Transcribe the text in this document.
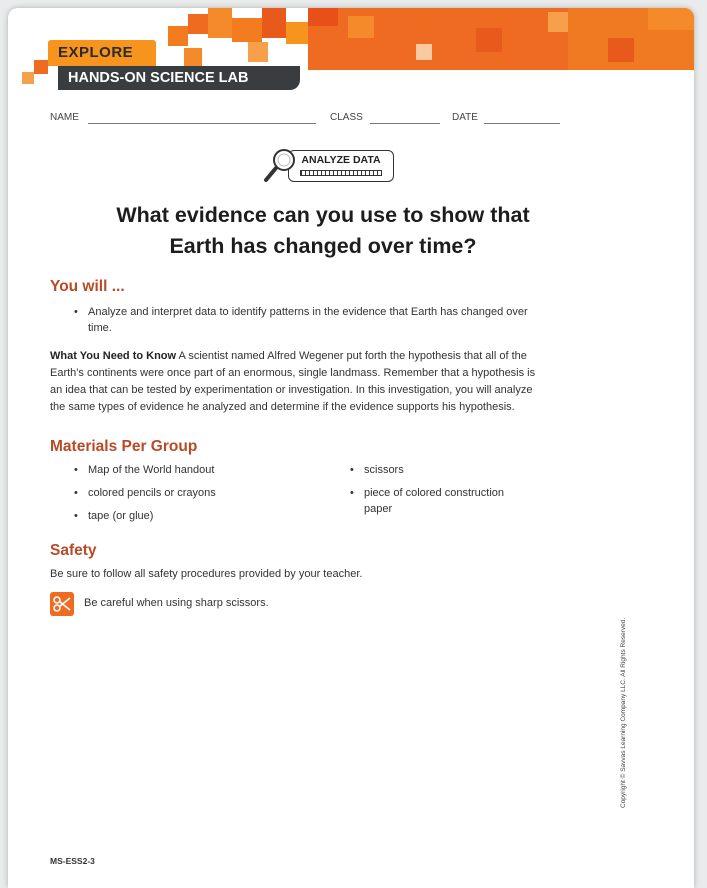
EXPLORE
HANDS-ON SCIENCE LAB
NAME	CLASS	DATE
ANALYZE DATA
What evidence can you use to show that
Earth has changed over time?
You will ...
• Analyze and interpret data to identify patterns in the evidence that Earth has changed over
time.
What You Need to Know A scientist named Alfred Wegener put forth the hypothesis that all of the
Earth's continents were once part of an enormous, single landmass. Remember that a hypothesis is
an idea that can be tested by experimentation or investigation. In this investigation, you will analyze
the same types of evidence he analyzed and determine if the evidence supports his hypothesis.
Materials Per Group
• Map of the World handout
• colored pencils or crayons
• tape (or glue)
• scissors
• piece of colored construction
paper
Safety
Be sure to follow all safety procedures provided by your teacher.
Be careful when using sharp scissors.
Copyright © Savvas Learning Company LLC. All Rights Reserved.
MS-ESS2-3
